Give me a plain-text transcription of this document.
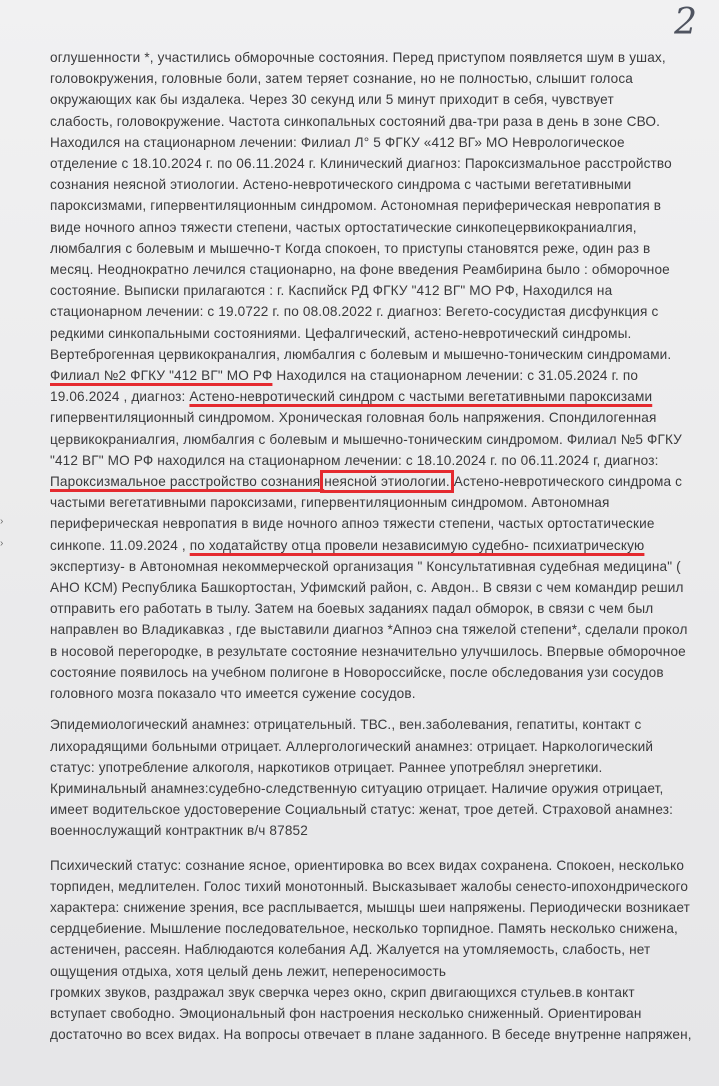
2
›
›
оглушенности *, участились обморочные состояния. Перед приступом появляется шум в ушах,
головокружения, головные боли, затем теряет сознание, но не полностью, слышит голоса
окружающих как бы издалека. Через 30 секунд или 5 минут приходит в себя, чувствует
слабость, головокружение. Частота синкопальных состояний два-три раза в день в зоне СВО.
Находился на стационарном лечении: Филиал Л° 5 ФГКУ «412 ВГ» МО Неврологическое
отделение с 18.10.2024 г. по 06.11.2024 г. Клинический диагноз: Пароксизмальное расстройство
сознания неясной этиологии. Астено-невротического синдрома с частыми вегетативными
пароксизмами, гипервентиляционным синдромом. Астономная периферическая невропатия в
виде ночного апноэ тяжести степени, частых ортостатические синкопецервикокраниалгия,
люмбалгия с болевым и мышечно-т Когда спокоен, то приступы становятся реже, один раз в
месяц. Неоднократно лечился стационарно, на фоне введения Реамбирина было : обморочное
состояние. Выписки прилагаются : г. Каспийск РД ФГКУ "412 ВГ" МО РФ, Находился на
стационарном лечении: с 19.0722 г. по 08.08.2022 г. диагноз: Вегето-сосудистая дисфункция с
редкими синкопальными состояниями. Цефалгический, астено-невротический синдромы.
Вертеброгенная цервикокраналгия, люмбалгия с болевым и мышечно-тоническим синдромами.
Филиал №2 ФГКУ "412 ВГ" МО РФ Находился на стационарном лечении: с 31.05.2024 г. по
19.06.2024 , диагноз: Астено-невротический синдром с частыми вегетативными пароксизами
гипервентиляционный синдромом. Хроническая головная боль напряжения. Спондилогенная
цервикокраниалгия, люмбалгия с болевым и мышечно-тоническим синдромом. Филиал №5 ФГКУ
"412 ВГ" МО РФ находился на стационарном лечении: с 18.10.2024 г. по 06.11.2024 г, диагноз:
Пароксизмальное расстройство сознания неясной этиологии. Астено-невротического синдрома с
частыми вегетативными пароксизами, гипервентиляционным синдромом. Автономная
периферическая невропатия в виде ночного апноэ тяжести степени, частых ортостатические
синкопе. 11.09.2024 , по ходатайству отца провели независимую судебно- психиатрическую
экспертизу- в Автономная некоммерческой организация " Консультативная судебная медицина" (
АНО КСМ) Республика Башкортостан, Уфимский район, с. Авдон.. В связи с чем командир решил
отправить его работать в тылу. Затем на боевых заданиях падал обморок, в связи с чем был
направлен во Владикавказ , где выставили диагноз *Апноэ сна тяжелой степени*, сделали прокол
в носовой перегородке, в результате состояние незначительно улучшилось. Впервые обморочное
состояние появилось на учебном полигоне в Новороссийске, после обследования узи сосудов
головного мозга показало что имеется сужение сосудов.
Эпидемиологический анамнез: отрицательный. ТВС., вен.заболевания, гепатиты, контакт с
лихорадящими больными отрицает. Аллергологический анамнез: отрицает. Наркологический
статус: употребление алкоголя, наркотиков отрицает. Раннее употреблял энергетики.
Криминальный анамнез:судебно-следственную ситуацию отрицает. Наличие оружия отрицает,
имеет водительское удостоверение Социальный статус: женат, трое детей. Страховой анамнез:
военнослужащий контрактник в/ч 87852
Психический статус: сознание ясное, ориентировка во всех видах сохранена. Спокоен, несколько
торпиден, медлителен. Голос тихий монотонный. Высказывает жалобы сенесто-ипохондрического
характера: снижение зрения, все расплывается, мышцы шеи напряжены. Периодически возникает
сердцебиение. Мышление последовательное, несколько торпидное. Память несколько снижена,
астеничен, рассеян. Наблюдаются колебания АД. Жалуется на утомляемость, слабость, нет
ощущения отдыха, хотя целый день лежит, непереносимость
громких звуков, раздражал звук сверчка через окно, скрип двигающихся стульев.в контакт
вступает свободно. Эмоциональный фон настроения несколько сниженный. Ориентирован
достаточно во всех видах. На вопросы отвечает в плане заданного. В беседе внутренне напряжен,
